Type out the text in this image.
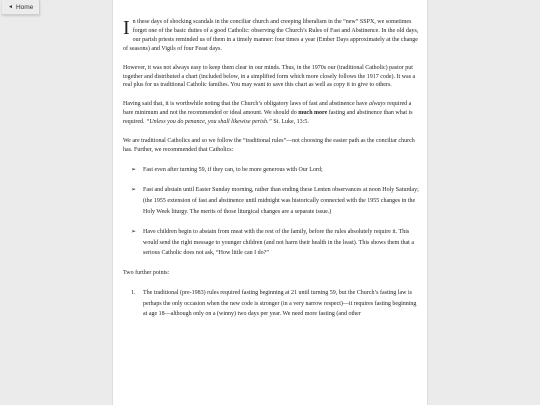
◄ Home

In these days of shocking scandals in the conciliar church and creeping liberalism in the “new” SSPX, we sometimes forget one of the basic duties of a good Catholic: observing the Church’s Rules of Fast and Abstinence. In the old days, our parish priests reminded us of them in a timely manner: four times a year (Ember Days approximately at the change of seasons) and Vigils of four Feast days.

However, it was not always easy to keep them clear in our minds. Thus, in the 1970s our (traditional Catholic) pastor put together and distributed a chart (included below, in a simplified form which more closely follows the 1917 code). It was a real plus for us traditional Catholic families. You may want to save this chart as well as copy it to give to others.

Having said that, it is worthwhile noting that the Church’s obligatory laws of fast and abstinence have always required a bare minimum and not the recommended or ideal amount. We should do much more fasting and abstinence than what is required. “Unless you do penance, you shall likewise perish.” St. Luke, 13:5.

We are traditional Catholics and so we follow the “traditional rules”—not choosing the easier path as the conciliar church has. Further, we recommended that Catholics:

➢ Fast even after turning 59, if they can, to be more generous with Our Lord;
➢ Fast and abstain until Easter Sunday morning, rather than ending these Lenten observances at noon Holy Saturday; (the 1955 extension of fast and abstinence until midnight was historically connected with the 1955 changes in the Holy Week liturgy. The merits of those liturgical changes are a separate issue.)
➢ Have children begin to abstain from meat with the rest of the family, before the rules absolutely require it. This would send the right message to younger children (and not harm their health in the least). This shows them that a serious Catholic does not ask, “How little can I do?”

Two further points:

1. The traditional (pre-1983) rules required fasting beginning at 21 until turning 59, but the Church’s fasting law is perhaps the only occasion when the new code is stronger (in a very narrow respect)—it requires fasting beginning at age 18—although only on a (winny) two days per year. We need more fasting (and other
